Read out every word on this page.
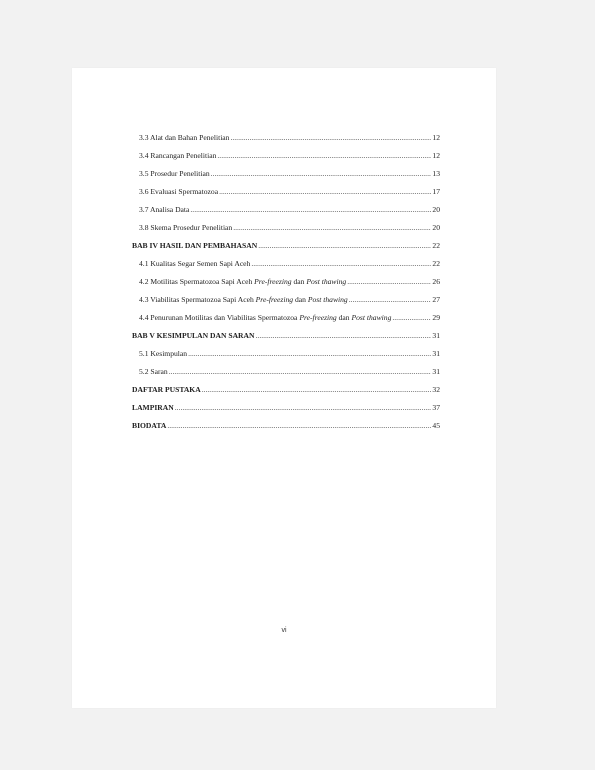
3.3 Alat dan Bahan Penelitian .....	12
3.4 Rancangan Penelitian .....	12
3.5 Prosedur Penelitian .....	13
3.6 Evaluasi Spermatozoa .....	17
3.7 Analisa Data .....	20
3.8 Skema Prosedur Penelitian .....	20
BAB IV HASIL DAN PEMBAHASAN .....	22
4.1 Kualitas Segar Semen Sapi Aceh .....	22
4.2 Motilitas Spermatozoa Sapi Aceh Pre-freezing dan Post thawing .....	26
4.3 Viabilitas Spermatozoa Sapi Aceh Pre-freezing dan Post thawing .....	27
4.4 Penurunan Motilitas dan Viabilitas Spermatozoa Pre-freezing dan Post thawing .....	29
BAB V KESIMPULAN DAN SARAN .....	31
5.1 Kesimpulan .....	31
5.2 Saran .....	31
DAFTAR PUSTAKA .....	32
LAMPIRAN .....	37
BIODATA .....	45
vi
